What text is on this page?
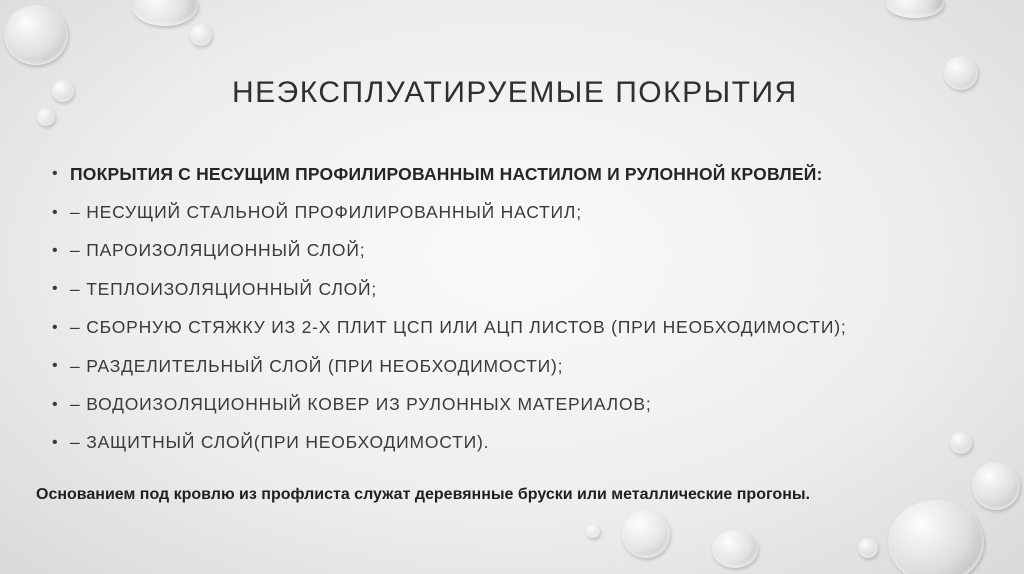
НЕЭКСПЛУАТИРУЕМЫЕ ПОКРЫТИЯ
• ПОКРЫТИЯ С НЕСУЩИМ ПРОФИЛИРОВАННЫМ НАСТИЛОМ И РУЛОННОЙ КРОВЛЕЙ:
• – НЕСУЩИЙ СТАЛЬНОЙ ПРОФИЛИРОВАННЫЙ НАСТИЛ;
• – ПАРОИЗОЛЯЦИОННЫЙ СЛОЙ;
• – ТЕПЛОИЗОЛЯЦИОННЫЙ СЛОЙ;
• – СБОРНУЮ СТЯЖКУ ИЗ 2-Х ПЛИТ ЦСП ИЛИ АЦП ЛИСТОВ (ПРИ НЕОБХОДИМОСТИ);
• – РАЗДЕЛИТЕЛЬНЫЙ СЛОЙ (ПРИ НЕОБХОДИМОСТИ);
• – ВОДОИЗОЛЯЦИОННЫЙ КОВЕР ИЗ РУЛОННЫХ МАТЕРИАЛОВ;
• – ЗАЩИТНЫЙ СЛОЙ(ПРИ НЕОБХОДИМОСТИ).
Основанием под кровлю из профлиста служат деревянные бруски или металлические прогоны.
